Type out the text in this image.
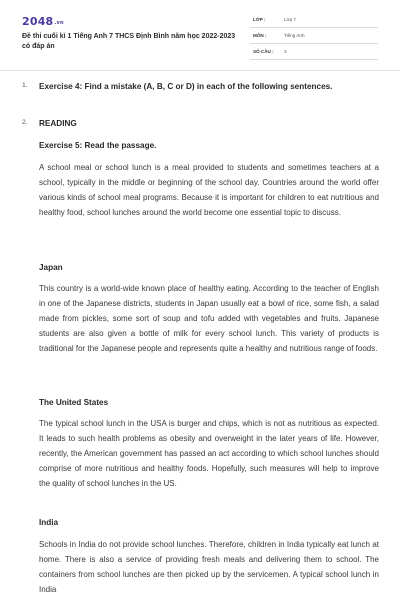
2048.vn
Đề thi cuối kì 1 Tiếng Anh 7 THCS Định Bình năm học 2022-2023 có đáp án
LỚP :	Lớp 7
MÔN :	Tiếng Anh
SỐ CÂU : 3
1. Exercise 4: Find a mistake (A, B, C or D) in each of the following sentences.
2. READING
Exercise 5: Read the passage.
A school meal or school lunch is a meal provided to students and sometimes teachers at a school, typically in the middle or beginning of the school day. Countries around the world offer various kinds of school meal programs. Because it is important for children to eat nutritious and healthy food, school lunches around the world become one essential topic to discuss.
Japan
This country is a world-wide known place of healthy eating. According to the teacher of English in one of the Japanese districts, students in Japan usually eat a bowl of rice, some fish, a salad made from pickles, some sort of soup and tofu added with vegetables and fruits. Japanese students are also given a bottle of milk for every school lunch. This variety of products is traditional for the Japanese people and represents quite a healthy and nutritious range of foods.
The United States
The typical school lunch in the USA is burger and chips, which is not as nutritious as expected. It leads to such health problems as obesity and overweight in the later years of life. However, recently, the American government has passed an act according to which school lunches should comprise of more nutritious and healthy foods. Hopefully, such measures will help to improve the quality of school lunches in the US.
India
Schools in India do not provide school lunches. Therefore, children in India typically eat lunch at home. There is also a service of providing fresh meals and delivering them to school. The containers from school lunches are then picked up by the servicemen. A typical school lunch in India
